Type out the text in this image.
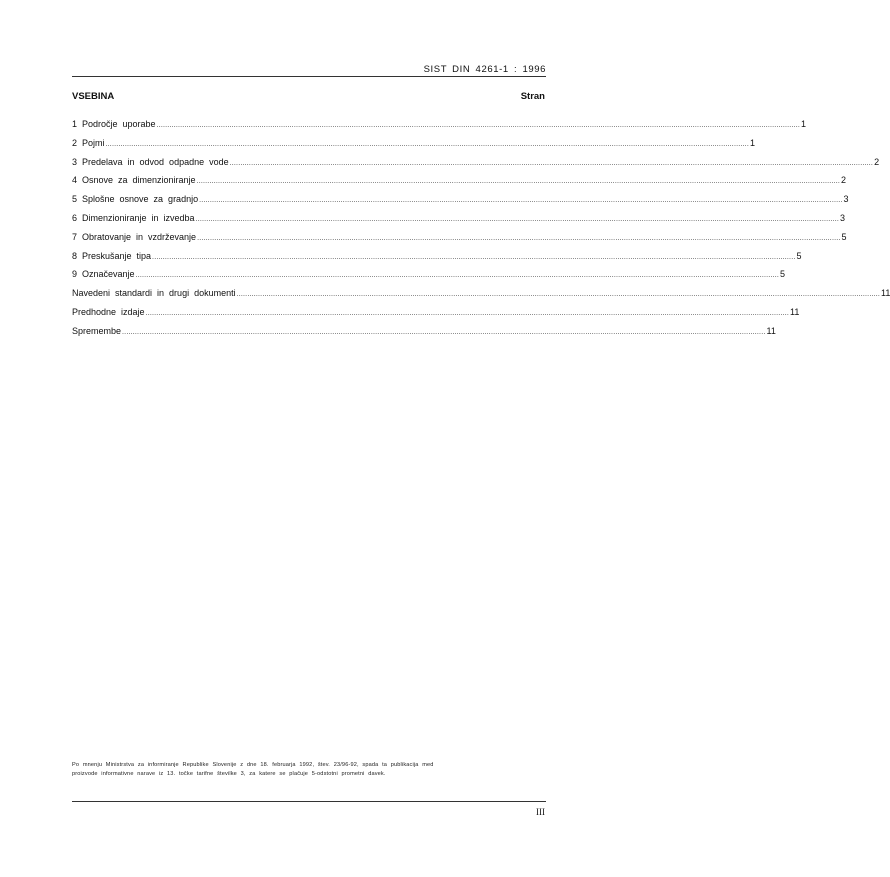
SIST DIN 4261-1 : 1996
VSEBINA	Stran
1 Področje uporabe ............................................................................................................................................................................................................................................................................................................ 1
2 Pojmi ............................................................................................................................................................................................................................................................................................................ 1
3 Predelava in odvod odpadne vode ............................................................................................................................................................................................................................................................................................................ 2
4 Osnove za dimenzioniranje ............................................................................................................................................................................................................................................................................................................ 2
5 Splošne osnove za gradnjo ............................................................................................................................................................................................................................................................................................................ 3
6 Dimenzioniranje in izvedba ............................................................................................................................................................................................................................................................................................................ 3
7 Obratovanje in vzdrževanje ............................................................................................................................................................................................................................................................................................................ 5
8 Preskušanje tipa ............................................................................................................................................................................................................................................................................................................ 5
9 Označevanje ............................................................................................................................................................................................................................................................................................................ 5
Navedeni standardi in drugi dokumenti ............................................................................................................................................................................................................................................................................................................ 11
Predhodne izdaje ............................................................................................................................................................................................................................................................................................................ 11
Spremembe ............................................................................................................................................................................................................................................................................................................ 11
Po mnenju Ministrstva za informiranje Republike Slovenije z dne 18. februarja 1992, štev. 23/96-92, spada ta publikacija med
proizvode informativne narave iz 13. točke tarifne številke 3, za katere se plačuje 5-odstotni prometni davek.
III
